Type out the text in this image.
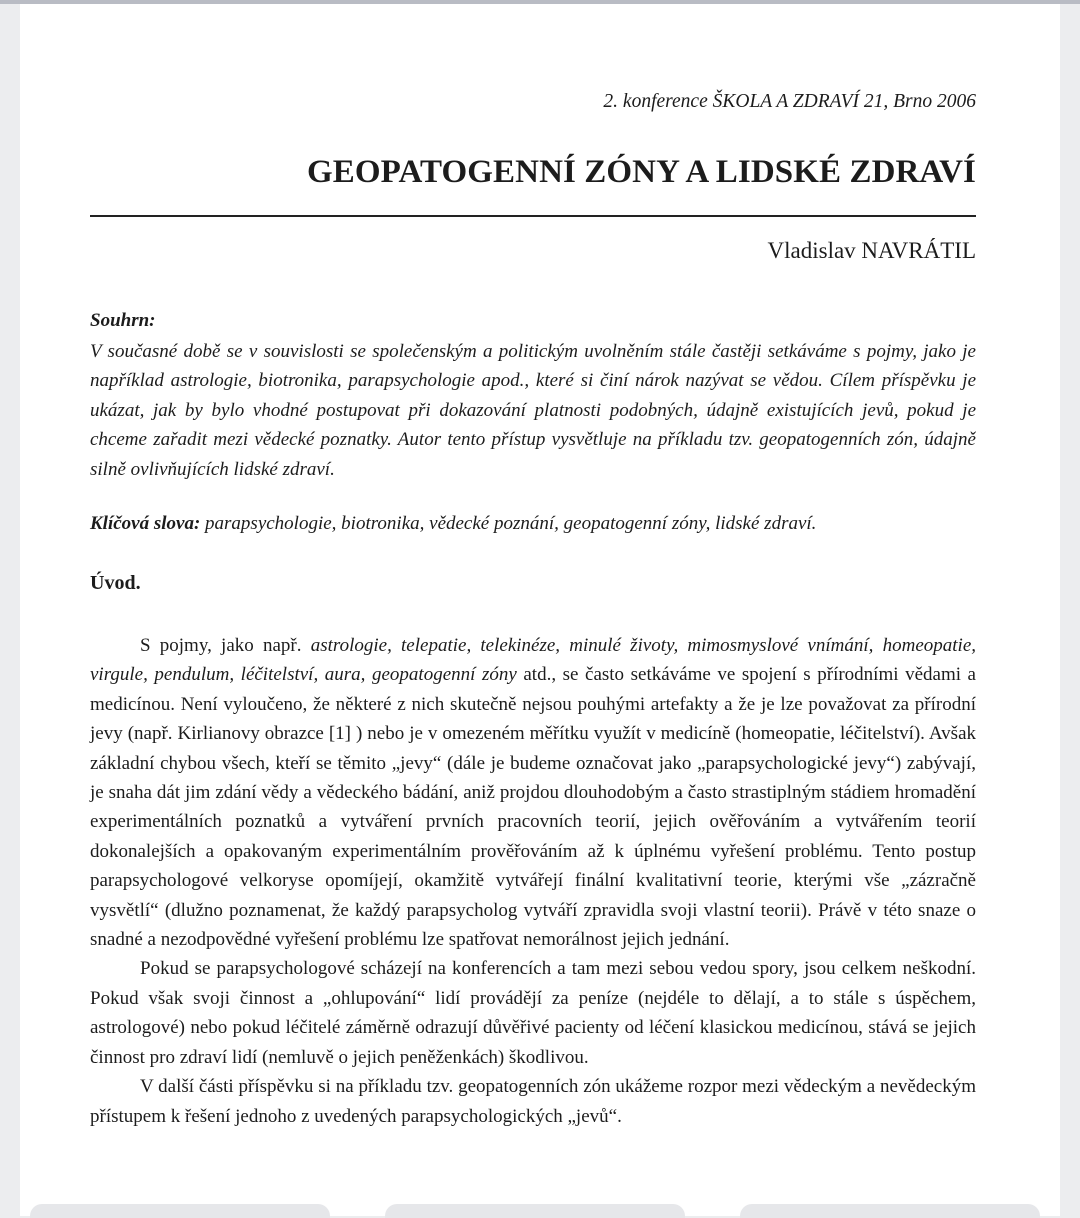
2. konference ŠKOLA A ZDRAVÍ 21, Brno 2006
GEOPATOGENNÍ ZÓNY A LIDSKÉ ZDRAVÍ
Vladislav NAVRÁTIL
Souhrn:
V současné době se v souvislosti se společenským a politickým uvolněním stále častěji setkáváme s pojmy, jako je například astrologie, biotronika, parapsychologie apod., které si činí nárok nazývat se vědou. Cílem příspěvku je ukázat, jak by bylo vhodné postupovat při dokazování platnosti podobných, údajně existujících jevů, pokud je chceme zařadit mezi vědecké poznatky. Autor tento přístup vysvětluje na příkladu tzv. geopatogenních zón, údajně silně ovlivňujících lidské zdraví.
Klíčová slova: parapsychologie, biotronika, vědecké poznání, geopatogenní zóny, lidské zdraví.
Úvod.

S pojmy, jako např. astrologie, telepatie, telekinéze, minulé životy, mimosmyslové vnímání, homeopatie, virgule, pendulum, léčitelství, aura, geopatogenní zóny atd., se často setkáváme ve spojení s přírodními vědami a medicínou. Není vyloučeno, že některé z nich skutečně nejsou pouhými artefakty a že je lze považovat za přírodní jevy (např. Kirlianovy obrazce [1] ) nebo je v omezeném měřítku využít v medicíně (homeopatie, léčitelství). Avšak základní chybou všech, kteří se těmito „jevy“ (dále je budeme označovat jako „parapsychologické jevy“) zabývají, je snaha dát jim zdání vědy a vědeckého bádání, aniž projdou dlouhodobým a často strastiplným stádiem hromadění experimentálních poznatků a vytváření prvních pracovních teorií, jejich ověřováním a vytvářením teorií dokonalejších a opakovaným experimentálním prověřováním až k úplnému vyřešení problému. Tento postup parapsychologové velkoryse opomíjejí, okamžitě vytvářejí finální kvalitativní teorie, kterými vše „zázračně vysvětlí“ (dlužno poznamenat, že každý parapsycholog vytváří zpravidla svoji vlastní teorii). Právě v této snaze o snadné a nezodpovědné vyřešení problému lze spatřovat nemorálnost jejich jednání.

Pokud se parapsychologové scházejí na konferencích a tam mezi sebou vedou spory, jsou celkem neškodní. Pokud však svoji činnost a „ohlupování“ lidí provádějí za peníze (nejdéle to dělají, a to stále s úspěchem, astrologové) nebo pokud léčitelé záměrně odrazují důvěřivé pacienty od léčení klasickou medicínou, stává se jejich činnost pro zdraví lidí (nemluvě o jejich peněženkách) škodlivou.

V další části příspěvku si na příkladu tzv. geopatogenních zón ukážeme rozpor mezi vědeckým a nevědeckým přístupem k řešení jednoho z uvedených parapsychologických „jevů“.
